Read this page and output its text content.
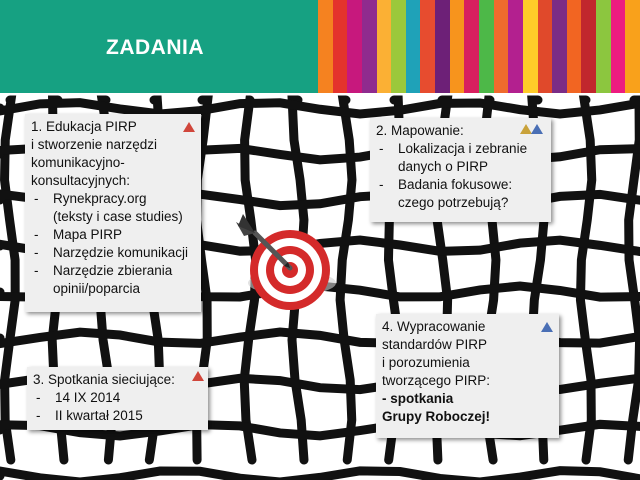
ZADANIA

1. Edukacja PIRP

i stworzenie narzędzi

komunikacyjno-

konsultacyjnych:

- Rynekpracy.org
(teksty i case studies)
- Mapa PIRP
- Narzędzie komunikacji
- Narzędzie zbierania
opinii/poparcia

2. Mapowanie:

- Lokalizacja i zebranie
danych o PIRP
- Badania fokusowe:
czego potrzebują?

3. Spotkania sieciujące:

- 14 IX 2014
- II kwartał 2015

4. Wypracowanie

standardów PIRP

i porozumienia

tworzącego PIRP:

- spotkania

Grupy Roboczej!
